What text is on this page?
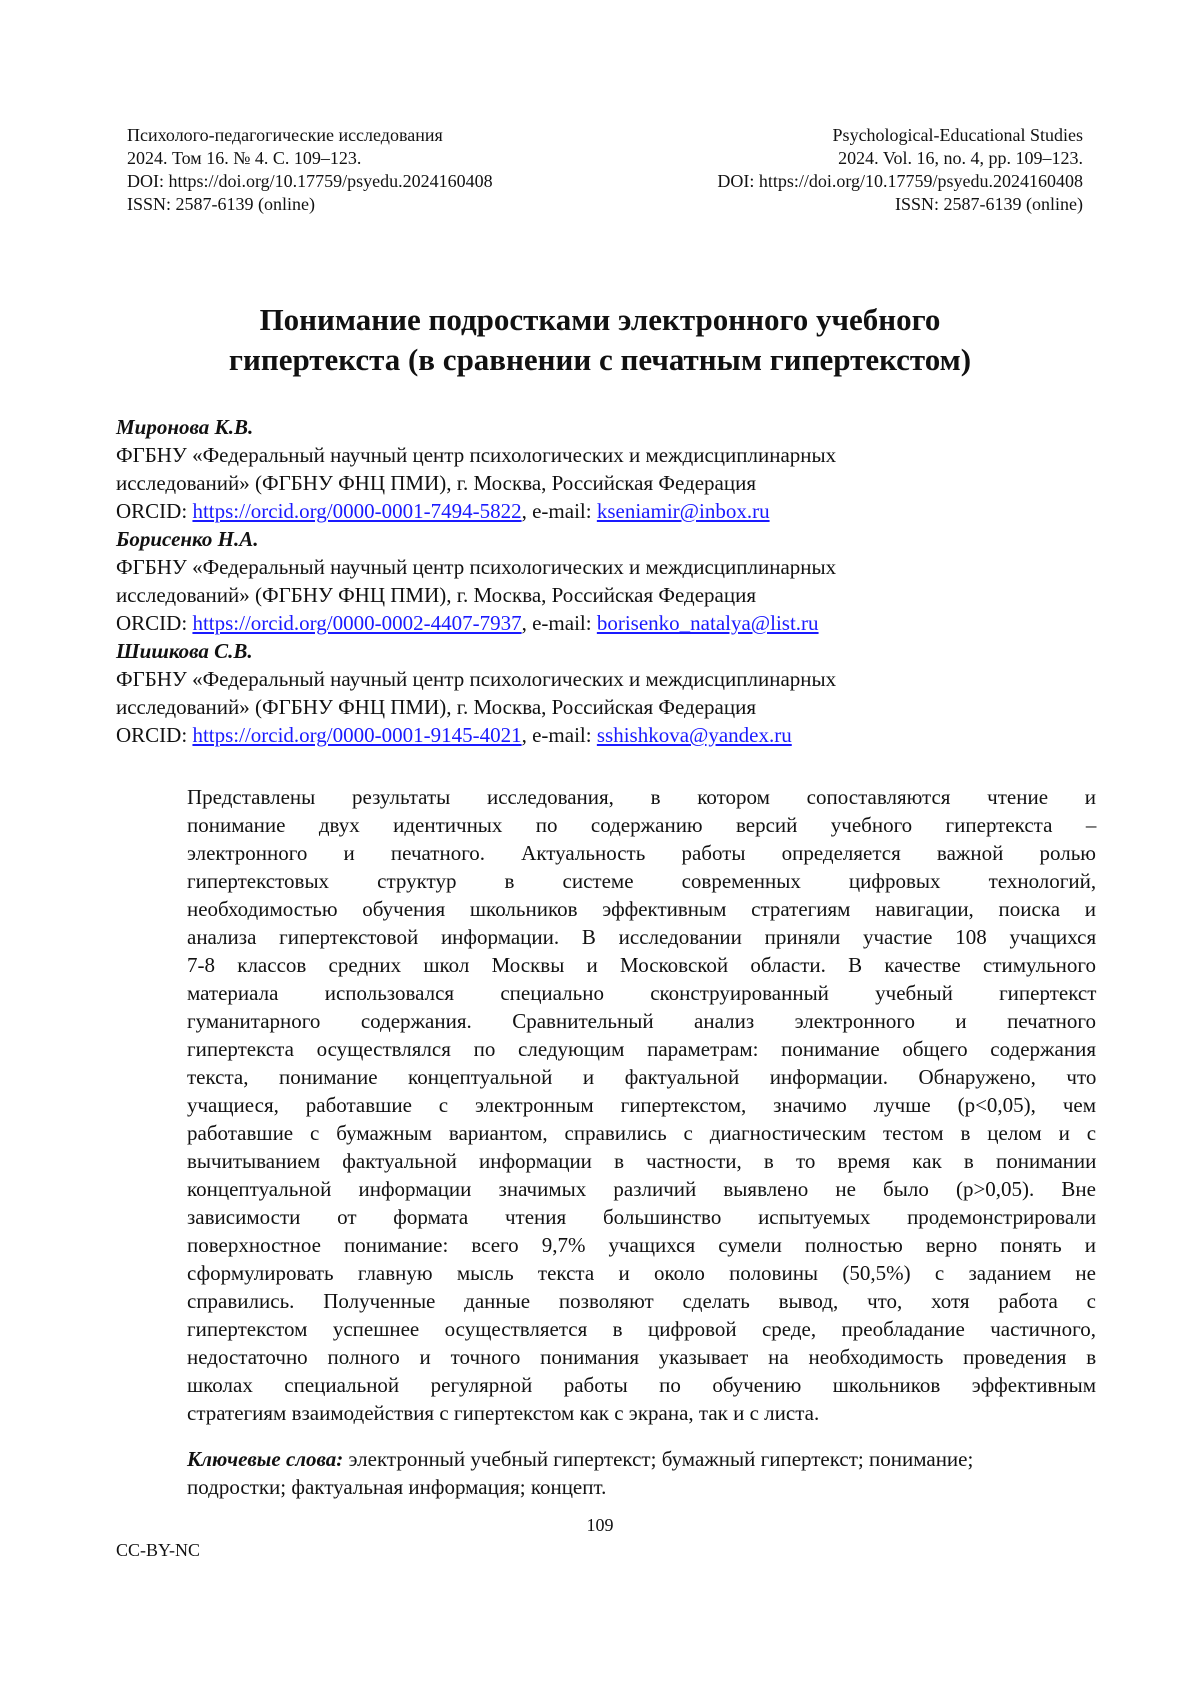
Психолого-педагогические исследования
2024. Том 16. № 4. С. 109–123.
DOI: https://doi.org/10.17759/psyedu.2024160408
ISSN: 2587-6139 (online)
Psychological-Educational Studies
2024. Vol. 16, no. 4, pp. 109–123.
DOI: https://doi.org/10.17759/psyedu.2024160408
ISSN: 2587-6139 (online)
Понимание подростками электронного учебного
гипертекста (в сравнении с печатным гипертекстом)
Миронова К.В.
ФГБНУ «Федеральный научный центр психологических и междисциплинарных
исследований» (ФГБНУ ФНЦ ПМИ), г. Москва, Российская Федерация
ORCID: https://orcid.org/0000-0001-7494-5822, e-mail: kseniamir@inbox.ru
Борисенко Н.А.
ФГБНУ «Федеральный научный центр психологических и междисциплинарных
исследований» (ФГБНУ ФНЦ ПМИ), г. Москва, Российская Федерация
ORCID: https://orcid.org/0000-0002-4407-7937, e-mail: borisenko_natalya@list.ru
Шишкова С.В.
ФГБНУ «Федеральный научный центр психологических и междисциплинарных
исследований» (ФГБНУ ФНЦ ПМИ), г. Москва, Российская Федерация
ORCID: https://orcid.org/0000-0001-9145-4021, e-mail: sshishkova@yandex.ru
Представлены результаты исследования, в котором сопоставляются чтение и
понимание двух идентичных по содержанию версий учебного гипертекста –
электронного и печатного. Актуальность работы определяется важной ролью
гипертекстовых структур в системе современных цифровых технологий,
необходимостью обучения школьников эффективным стратегиям навигации, поиска и
анализа гипертекстовой информации. В исследовании приняли участие 108 учащихся
7-8 классов средних школ Москвы и Московской области. В качестве стимульного
материала использовался специально сконструированный учебный гипертекст
гуманитарного содержания. Сравнительный анализ электронного и печатного
гипертекста осуществлялся по следующим параметрам: понимание общего содержания
текста, понимание концептуальной и фактуальной информации. Обнаружено, что
учащиеся, работавшие с электронным гипертекстом, значимо лучше (p<0,05), чем
работавшие с бумажным вариантом, справились с диагностическим тестом в целом и с
вычитыванием фактуальной информации в частности, в то время как в понимании
концептуальной информации значимых различий выявлено не было (p>0,05). Вне
зависимости от формата чтения большинство испытуемых продемонстрировали
поверхностное понимание: всего 9,7% учащихся сумели полностью верно понять и
сформулировать главную мысль текста и около половины (50,5%) с заданием не
справились. Полученные данные позволяют сделать вывод, что, хотя работа с
гипертекстом успешнее осуществляется в цифровой среде, преобладание частичного,
недостаточно полного и точного понимания указывает на необходимость проведения в
школах специальной регулярной работы по обучению школьников эффективным
стратегиям взаимодействия с гипертекстом как с экрана, так и с листа.
Ключевые слова: электронный учебный гипертекст; бумажный гипертекст; понимание;
подростки; фактуальная информация; концепт.
109
CC-BY-NC
